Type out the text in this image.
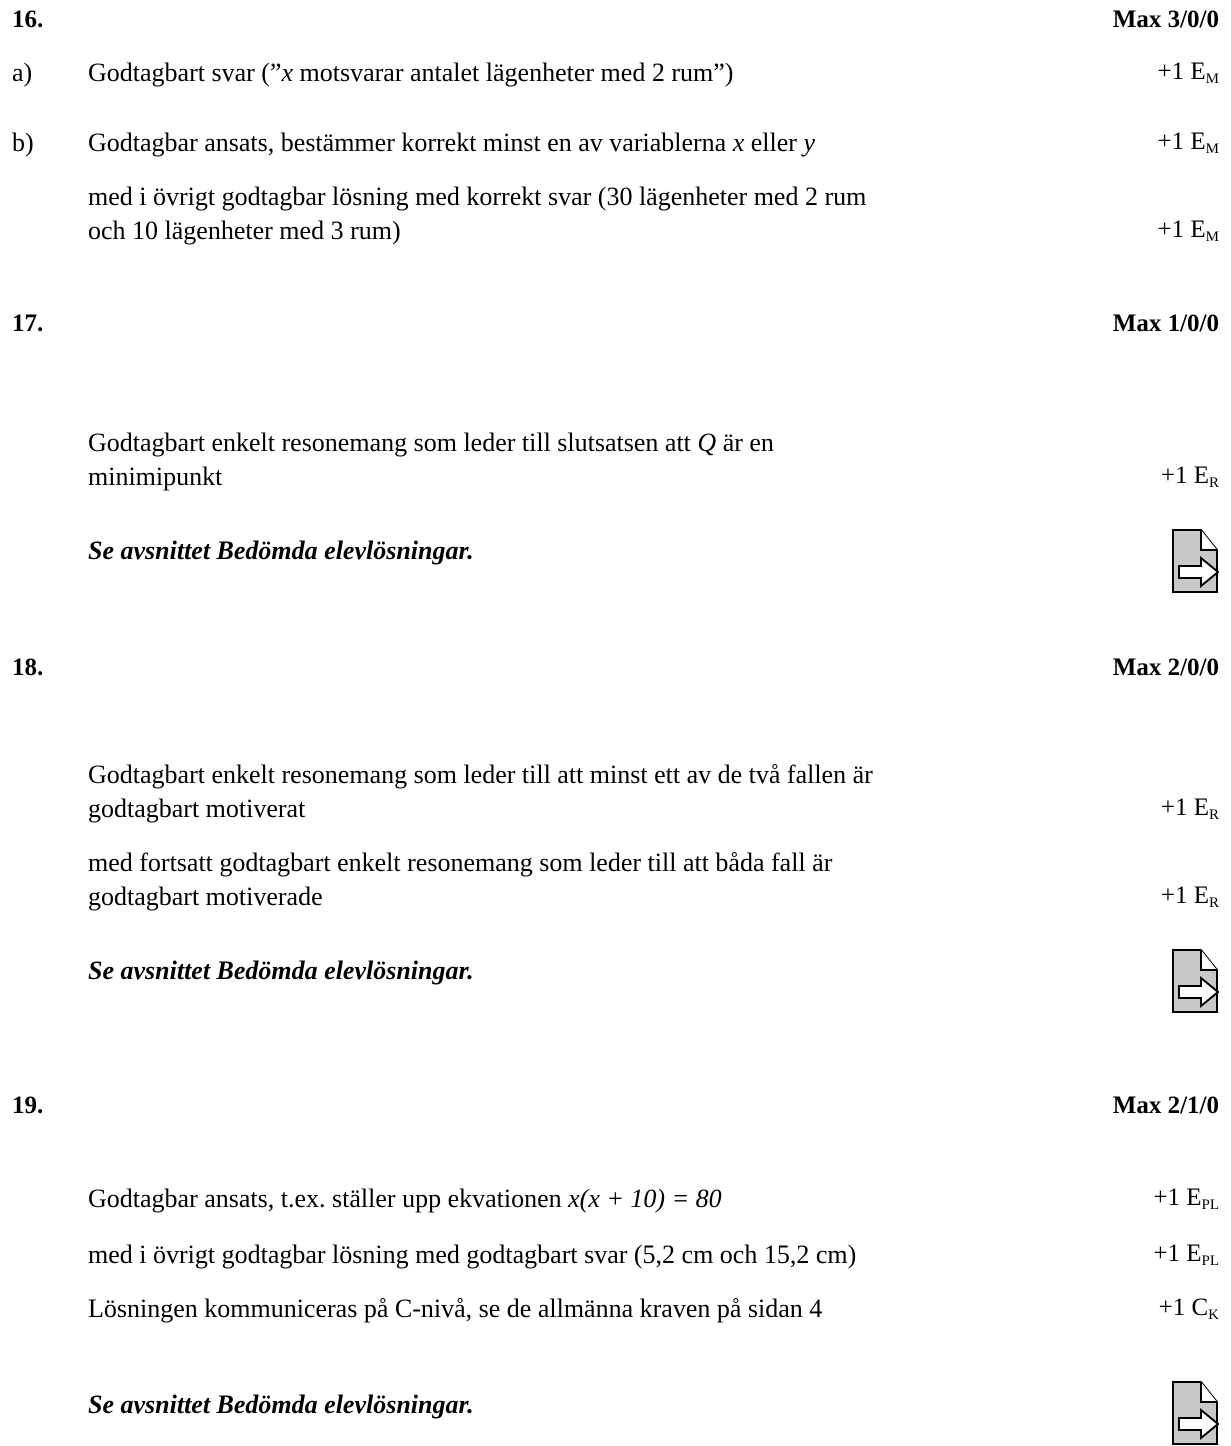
16.	Max 3/0/0
a) Godtagbart svar (”x motsvarar antalet lägenheter med 2 rum”)	+1 $E_M$
b) Godtagbar ansats, bestämmer korrekt minst en av variablerna x eller y	+1 $E_M$
med i övrigt godtagbar lösning med korrekt svar (30 lägenheter med 2 rum
och 10 lägenheter med 3 rum)	+1 $E_M$
17.	Max 1/0/0
Godtagbart enkelt resonemang som leder till slutsatsen att Q är en
minimipunkt	+1 $E_R$
Se avsnittet Bedömda elevlösningar.
18.	Max 2/0/0
Godtagbart enkelt resonemang som leder till att minst ett av de två fallen är
godtagbart motiverat	+1 $E_R$
med fortsatt godtagbart enkelt resonemang som leder till att båda fall är
godtagbart motiverade	+1 $E_R$
Se avsnittet Bedömda elevlösningar.
19.	Max 2/1/0
Godtagbar ansats, t.ex. ställer upp ekvationen x(x + 10) = 80	+1 $E_{PL}$
med i övrigt godtagbar lösning med godtagbart svar (5,2 cm och 15,2 cm)	+1 $E_{PL}$
Lösningen kommuniceras på C-nivå, se de allmänna kraven på sidan 4	+1 $C_K$
Se avsnittet Bedömda elevlösningar.
